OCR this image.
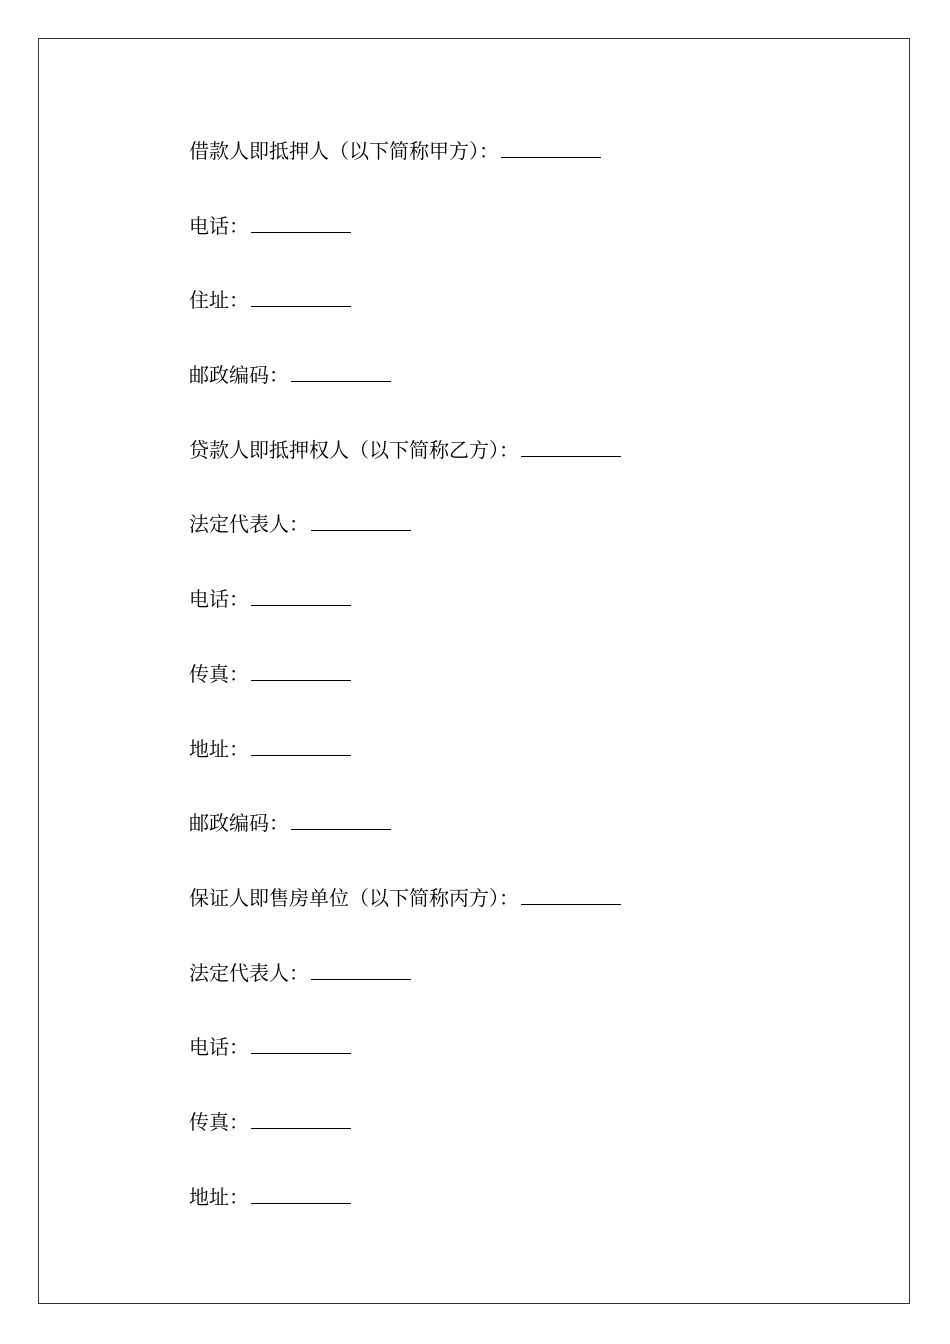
借款人即抵押人（以下简称甲方）：
电话：
住址：
邮政编码：
贷款人即抵押权人（以下简称乙方）：
法定代表人：
电话：
传真：
地址：
邮政编码：
保证人即售房单位（以下简称丙方）：
法定代表人：
电话：
传真：
地址：
